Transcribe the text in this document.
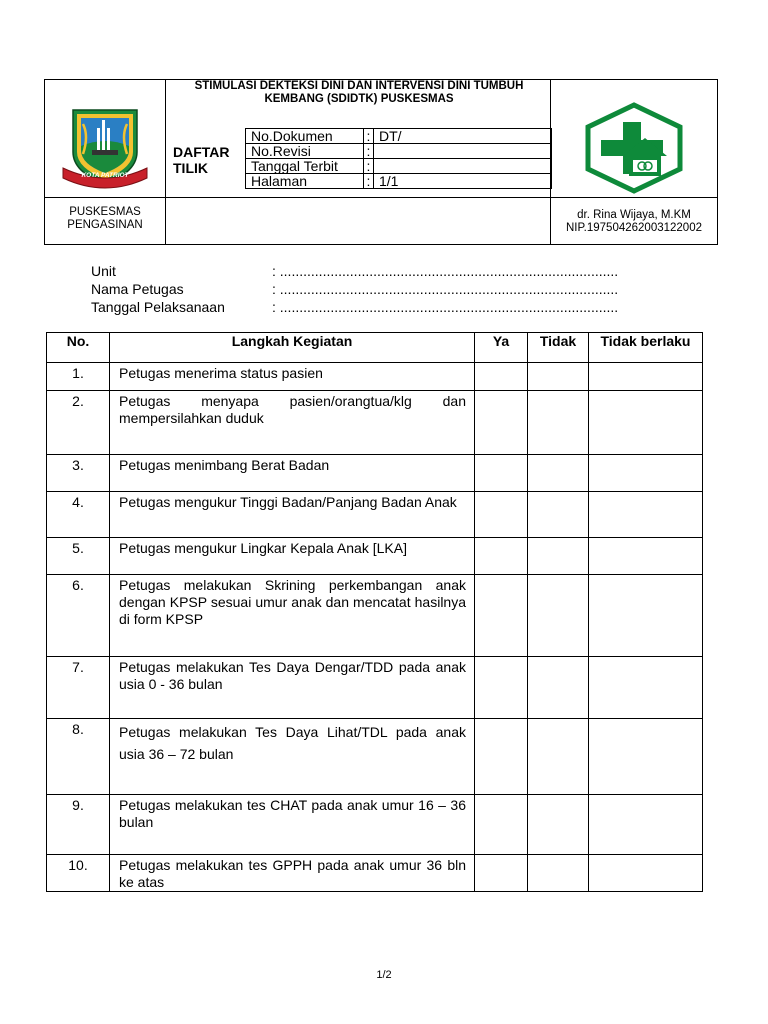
KOTA PATRIOT
STIMULASI DEKTEKSI DINI DAN INTERVENSI DINI TUMBUH KEMBANG (SDIDTK) PUSKESMAS
DAFTAR
TILIK
No.Dokumen	:	DT/
No.Revisi	:	
Tanggal Terbit	:	
Halaman	:	1/1
PUSKESMAS
PENGASINAN
dr. Rina Wijaya, M.KM
NIP.197504262003122002
Unit	: .......................................................................................
Nama Petugas	: .......................................................................................
Tanggal Pelaksanaan	: .......................................................................................
No.	Langkah Kegiatan	Ya	Tidak	Tidak berlaku
1.	Petugas menerima status pasien			
2.	Petugas menyapa pasien/orangtua/klg dan mempersilahkan duduk			
3.	Petugas menimbang Berat Badan			
4.	Petugas mengukur Tinggi Badan/Panjang Badan Anak			
5.	Petugas mengukur Lingkar Kepala Anak [LKA]			
6.	Petugas melakukan Skrining perkembangan anak dengan KPSP sesuai umur anak dan mencatat hasilnya di form KPSP			
7.	Petugas melakukan Tes Daya Dengar/TDD pada anak usia 0 - 36 bulan			
8.	Petugas melakukan Tes Daya Lihat/TDL pada anak usia 36 – 72 bulan			
9.	Petugas melakukan tes CHAT pada anak umur 16 – 36 bulan			
10.	Petugas melakukan tes GPPH pada anak umur 36 bln ke atas			
1/2
